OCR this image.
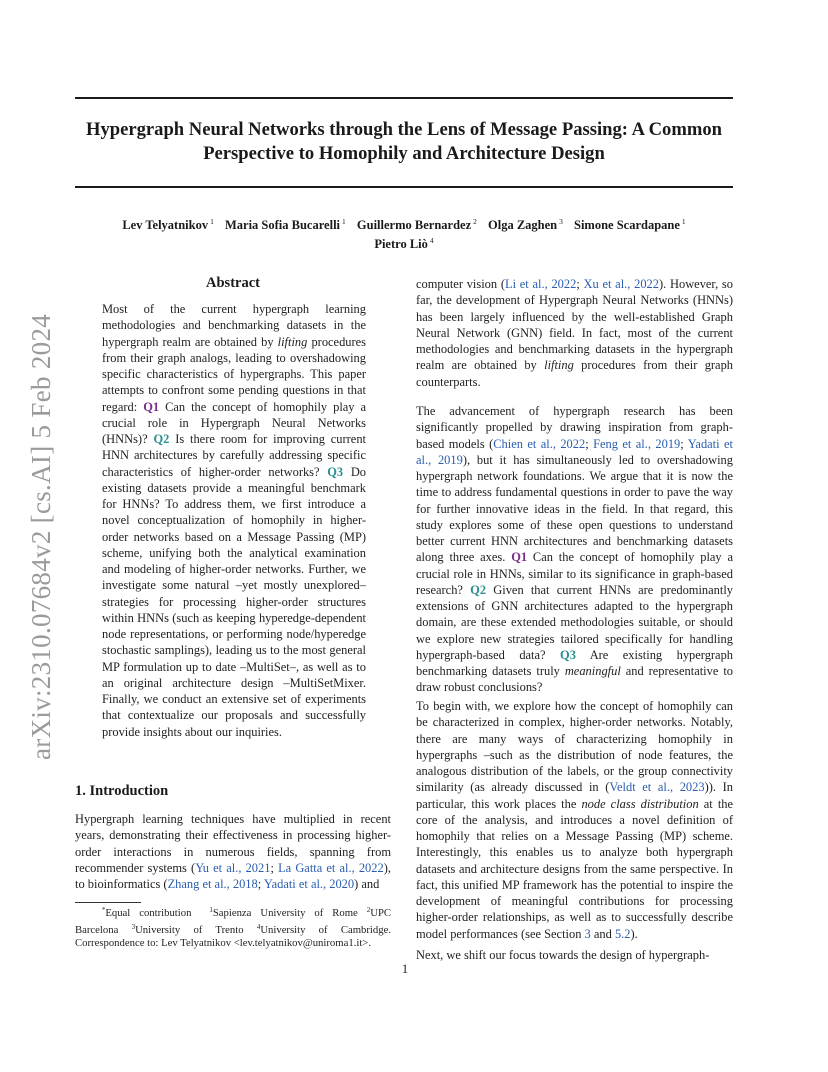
Hypergraph Neural Networks through the Lens of Message Passing: A Common Perspective to Homophily and Architecture Design
Lev Telyatnikov $^1$ Maria Sofia Bucarelli $^1$ Guillermo Bernardez $^2$ Olga Zaghen $^3$ Simone Scardapane $^1$
Pietro Liò $^4$
arXiv:2310.07684v2 [cs.AI] 5 Feb 2024
Abstract

Most of the current hypergraph learning methodologies and benchmarking datasets in the hypergraph realm are obtained by lifting procedures from their graph analogs, leading to overshadowing specific characteristics of hypergraphs. This paper attempts to confront some pending questions in that regard: Q1 Can the concept of homophily play a crucial role in Hypergraph Neural Networks (HNNs)? Q2 Is there room for improving current HNN architectures by carefully addressing specific characteristics of higher-order networks? Q3 Do existing datasets provide a meaningful benchmark for HNNs? To address them, we first introduce a novel conceptualization of homophily in higher-order networks based on a Message Passing (MP) scheme, unifying both the analytical examination and modeling of higher-order networks. Further, we investigate some natural –yet mostly unexplored– strategies for processing higher-order structures within HNNs (such as keeping hyperedge-dependent node representations, or performing node/hyperedge stochastic samplings), leading us to the most general MP formulation up to date –MultiSet–, as well as to an original architecture design –MultiSetMixer. Finally, we conduct an extensive set of experiments that contextualize our proposals and successfully provide insights about our inquiries.

1. Introduction

Hypergraph learning techniques have multiplied in recent years, demonstrating their effectiveness in processing higher-order interactions in numerous fields, spanning from recommender systems (Yu et al., 2021; La Gatta et al., 2022), to bioinformatics (Zhang et al., 2018; Yadati et al., 2020) and

*Equal contribution	$^1$Sapienza University of Rome $^2$UPC Barcelona $^3$University of Trento $^4$University of Cambridge. Correspondence to: Lev Telyatnikov <lev.telyatnikov@uniroma1.it>.

computer vision (Li et al., 2022; Xu et al., 2022). However, so far, the development of Hypergraph Neural Networks (HNNs) has been largely influenced by the well-established Graph Neural Network (GNN) field. In fact, most of the current methodologies and benchmarking datasets in the hypergraph realm are obtained by lifting procedures from their graph counterparts.

The advancement of hypergraph research has been significantly propelled by drawing inspiration from graph-based models (Chien et al., 2022; Feng et al., 2019; Yadati et al., 2019), but it has simultaneously led to overshadowing hypergraph network foundations. We argue that it is now the time to address fundamental questions in order to pave the way for further innovative ideas in the field. In that regard, this study explores some of these open questions to understand better current HNN architectures and benchmarking datasets along three axes. Q1 Can the concept of homophily play a crucial role in HNNs, similar to its significance in graph-based research? Q2 Given that current HNNs are predominantly extensions of GNN architectures adapted to the hypergraph domain, are these extended methodologies suitable, or should we explore new strategies tailored specifically for handling hypergraph-based data? Q3 Are existing hypergraph benchmarking datasets truly meaningful and representative to draw robust conclusions?

To begin with, we explore how the concept of homophily can be characterized in complex, higher-order networks. Notably, there are many ways of characterizing homophily in hypergraphs –such as the distribution of node features, the analogous distribution of the labels, or the group connectivity similarity (as already discussed in (Veldt et al., 2023)). In particular, this work places the node class distribution at the core of the analysis, and introduces a novel definition of homophily that relies on a Message Passing (MP) scheme. Interestingly, this enables us to analyze both hypergraph datasets and architecture designs from the same perspective. In fact, this unified MP framework has the potential to inspire the development of meaningful contributions for processing higher-order relationships, as well as to successfully describe model performances (see Section 3 and 5.2).

Next, we shift our focus towards the design of hypergraph-

1
